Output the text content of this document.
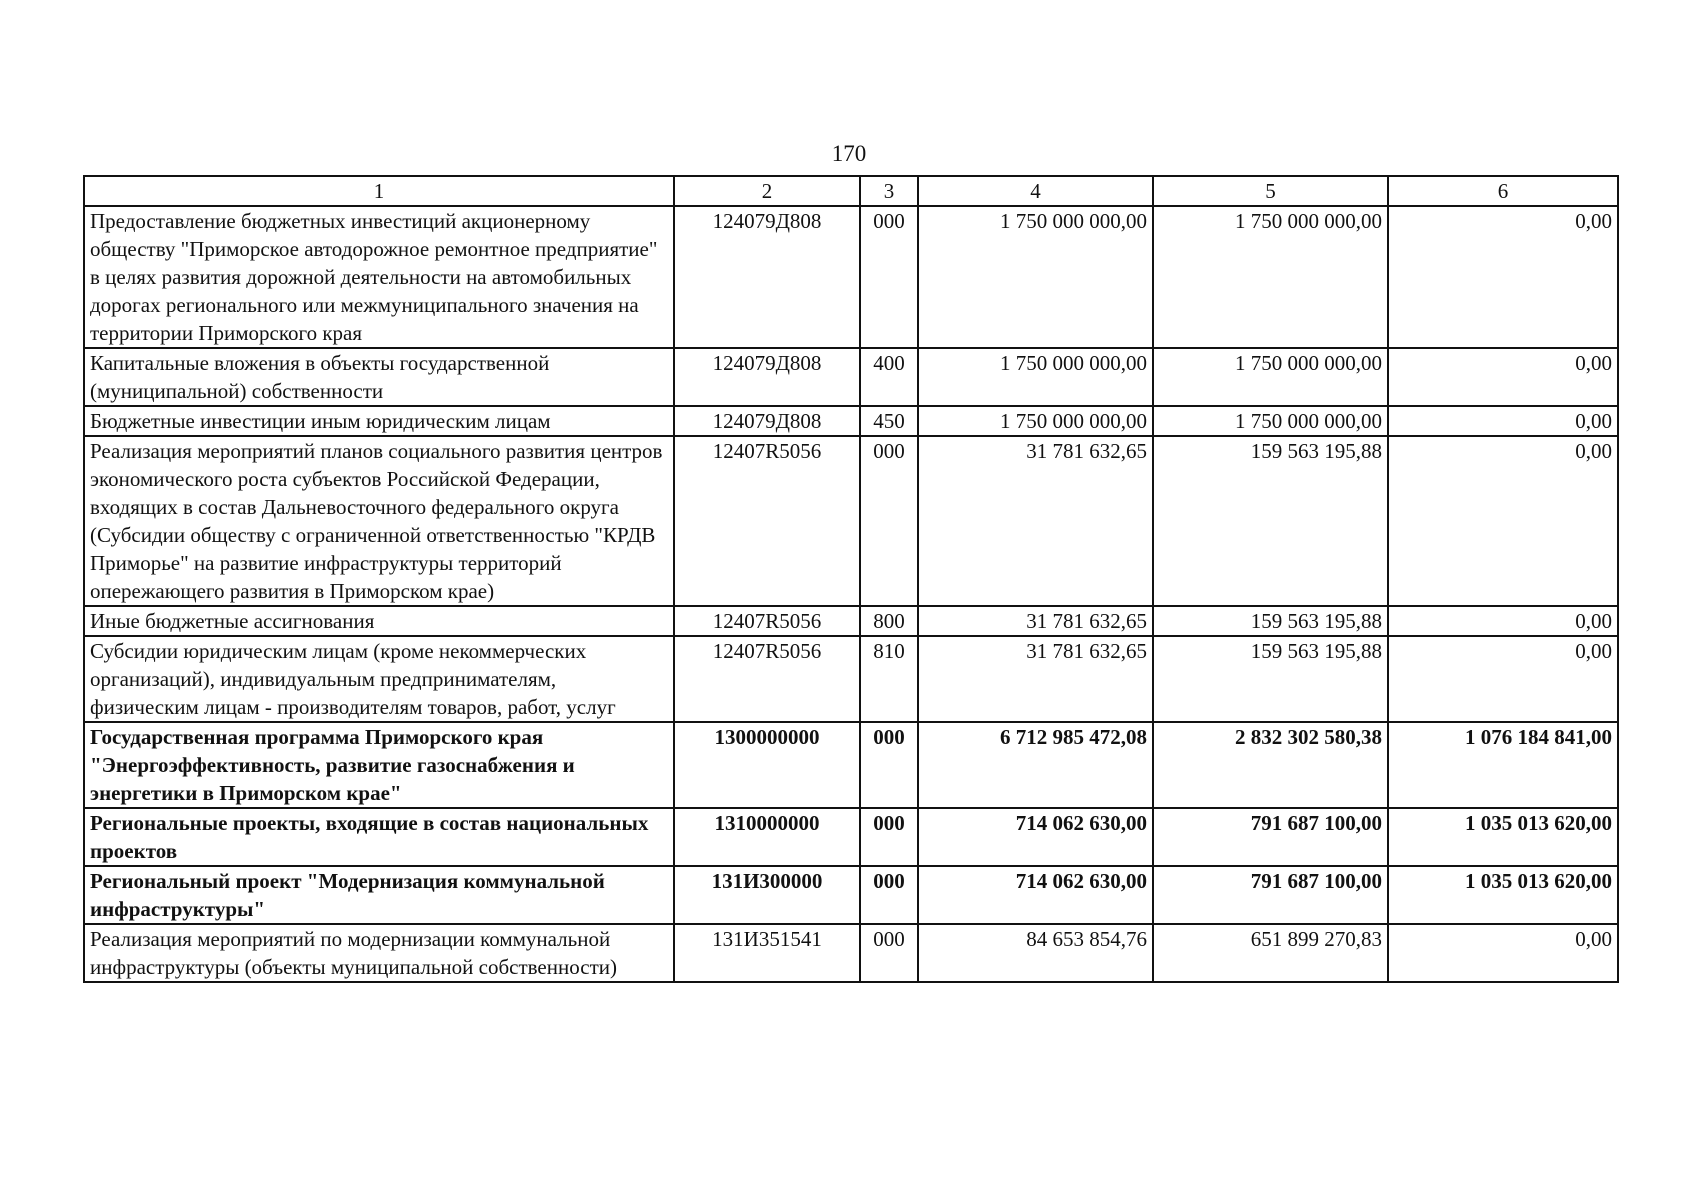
170
1	2	3	4	5	6
Предоставление бюджетных инвестиций акционерному обществу "Приморское автодорожное ремонтное предприятие" в целях развития дорожной деятельности на автомобильных дорогах регионального или межмуниципального значения на территории Приморского края	124079Д808	000	1 750 000 000,00	1 750 000 000,00	0,00
Капитальные вложения в объекты государственной (муниципальной) собственности	124079Д808	400	1 750 000 000,00	1 750 000 000,00	0,00
Бюджетные инвестиции иным юридическим лицам	124079Д808	450	1 750 000 000,00	1 750 000 000,00	0,00
Реализация мероприятий планов социального развития центров экономического роста субъектов Российской Федерации, входящих в состав Дальневосточного федерального округа (Субсидии обществу с ограниченной ответственностью "КРДВ Приморье" на развитие инфраструктуры территорий опережающего развития в Приморском крае)	12407R5056	000	31 781 632,65	159 563 195,88	0,00
Иные бюджетные ассигнования	12407R5056	800	31 781 632,65	159 563 195,88	0,00
Субсидии юридическим лицам (кроме некоммерческих организаций), индивидуальным предпринимателям, физическим лицам - производителям товаров, работ, услуг	12407R5056	810	31 781 632,65	159 563 195,88	0,00
Государственная программа Приморского края "Энергоэффективность, развитие газоснабжения и энергетики в Приморском крае"	1300000000	000	6 712 985 472,08	2 832 302 580,38	1 076 184 841,00
Региональные проекты, входящие в состав национальных проектов	1310000000	000	714 062 630,00	791 687 100,00	1 035 013 620,00
Региональный проект "Модернизация коммунальной инфраструктуры"	131И300000	000	714 062 630,00	791 687 100,00	1 035 013 620,00
Реализация мероприятий по модернизации коммунальной инфраструктуры (объекты муниципальной собственности)	131И351541	000	84 653 854,76	651 899 270,83	0,00
